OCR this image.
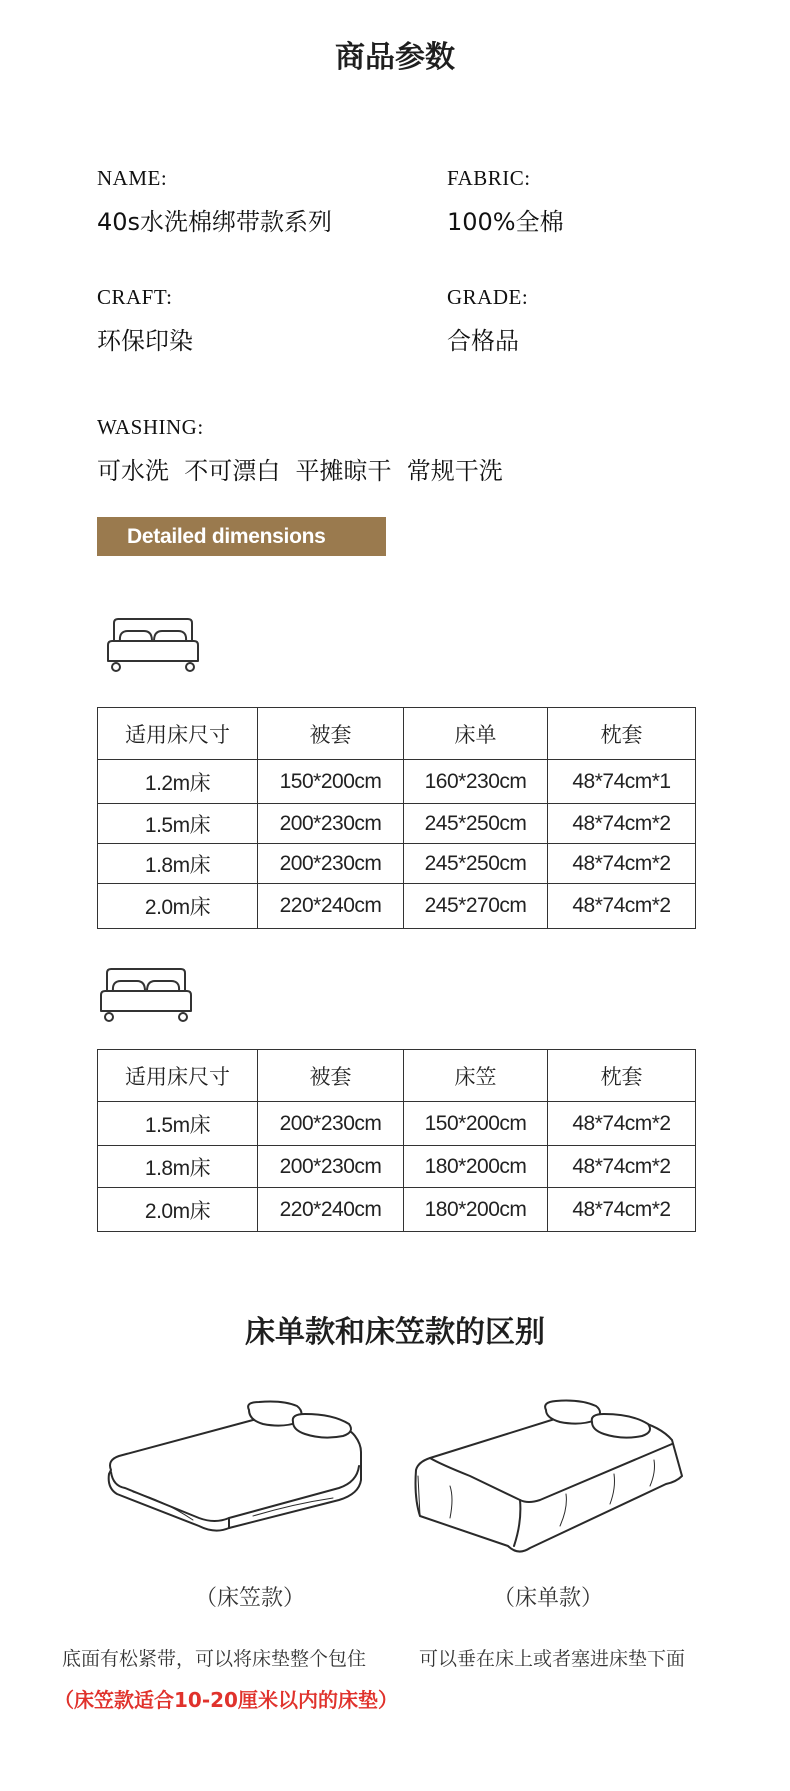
商品参数
NAME:
40s水洗棉绑带款系列
FABRIC:
100%全棉
CRAFT:
环保印染
GRADE:
合格品
WASHING:
可水洗  不可漂白  平摊晾干  常规干洗
Detailed dimensions
适用床尺寸	被套	床单	枕套
1.2m床	150*200cm	160*230cm	48*74cm*1
1.5m床	200*230cm	245*250cm	48*74cm*2
1.8m床	200*230cm	245*250cm	48*74cm*2
2.0m床	220*240cm	245*270cm	48*74cm*2
适用床尺寸	被套	床笠	枕套
1.5m床	200*230cm	150*200cm	48*74cm*2
1.8m床	200*230cm	180*200cm	48*74cm*2
2.0m床	220*240cm	180*200cm	48*74cm*2
床单款和床笠款的区别
（床笠款）	（床单款）
底面有松紧带，可以将床垫整个包住	可以垂在床上或者塞进床垫下面
（床笠款适合10-20厘米以内的床垫）
